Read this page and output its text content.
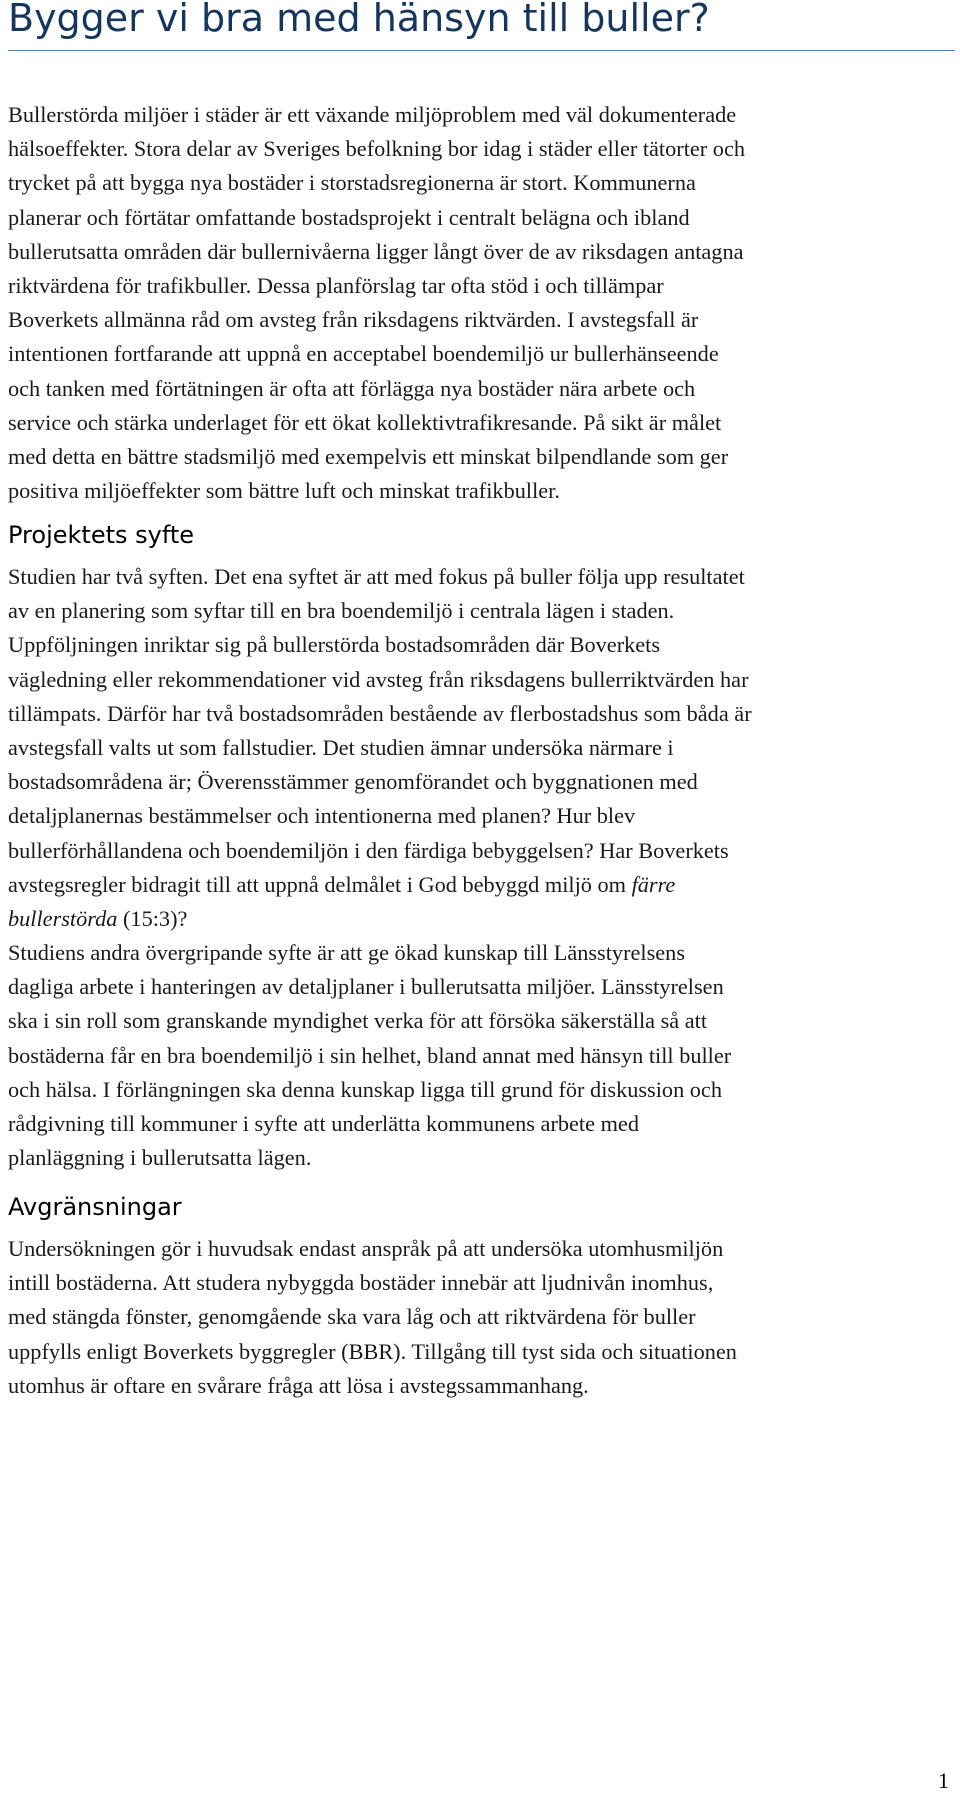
Bygger vi bra med hänsyn till buller?

Bullerstörda miljöer i städer är ett växande miljöproblem med väl dokumenterade
hälsoeffekter. Stora delar av Sveriges befolkning bor idag i städer eller tätorter och
trycket på att bygga nya bostäder i storstadsregionerna är stort. Kommunerna
planerar och förtätar omfattande bostadsprojekt i centralt belägna och ibland
bullerutsatta områden där bullernivåerna ligger långt över de av riksdagen antagna
riktvärdena för trafikbuller. Dessa planförslag tar ofta stöd i och tillämpar
Boverkets allmänna råd om avsteg från riksdagens riktvärden. I avstegsfall är
intentionen fortfarande att uppnå en acceptabel boendemiljö ur bullerhänseende
och tanken med förtätningen är ofta att förlägga nya bostäder nära arbete och
service och stärka underlaget för ett ökat kollektivtrafikresande. På sikt är målet
med detta en bättre stadsmiljö med exempelvis ett minskat bilpendlande som ger
positiva miljöeffekter som bättre luft och minskat trafikbuller.

Projektets syfte

Studien har två syften. Det ena syftet är att med fokus på buller följa upp resultatet
av en planering som syftar till en bra boendemiljö i centrala lägen i staden.
Uppföljningen inriktar sig på bullerstörda bostadsområden där Boverkets
vägledning eller rekommendationer vid avsteg från riksdagens bullerriktvärden har
tillämpats. Därför har två bostadsområden bestående av flerbostadshus som båda är
avstegsfall valts ut som fallstudier. Det studien ämnar undersöka närmare i
bostadsområdena är; Överensstämmer genomförandet och byggnationen med
detaljplanernas bestämmelser och intentionerna med planen? Hur blev
bullerförhållandena och boendemiljön i den färdiga bebyggelsen? Har Boverkets
avstegsregler bidragit till att uppnå delmålet i God bebyggd miljö om färre
bullerstörda (15:3)?

Studiens andra övergripande syfte är att ge ökad kunskap till Länsstyrelsens
dagliga arbete i hanteringen av detaljplaner i bullerutsatta miljöer. Länsstyrelsen
ska i sin roll som granskande myndighet verka för att försöka säkerställa så att
bostäderna får en bra boendemiljö i sin helhet, bland annat med hänsyn till buller
och hälsa. I förlängningen ska denna kunskap ligga till grund för diskussion och
rådgivning till kommuner i syfte att underlätta kommunens arbete med
planläggning i bullerutsatta lägen.

Avgränsningar

Undersökningen gör i huvudsak endast anspråk på att undersöka utomhusmiljön
intill bostäderna. Att studera nybyggda bostäder innebär att ljudnivån inomhus,
med stängda fönster, genomgående ska vara låg och att riktvärdena för buller
uppfylls enligt Boverkets byggregler (BBR). Tillgång till tyst sida och situationen
utomhus är oftare en svårare fråga att lösa i avstegssammanhang.

1
